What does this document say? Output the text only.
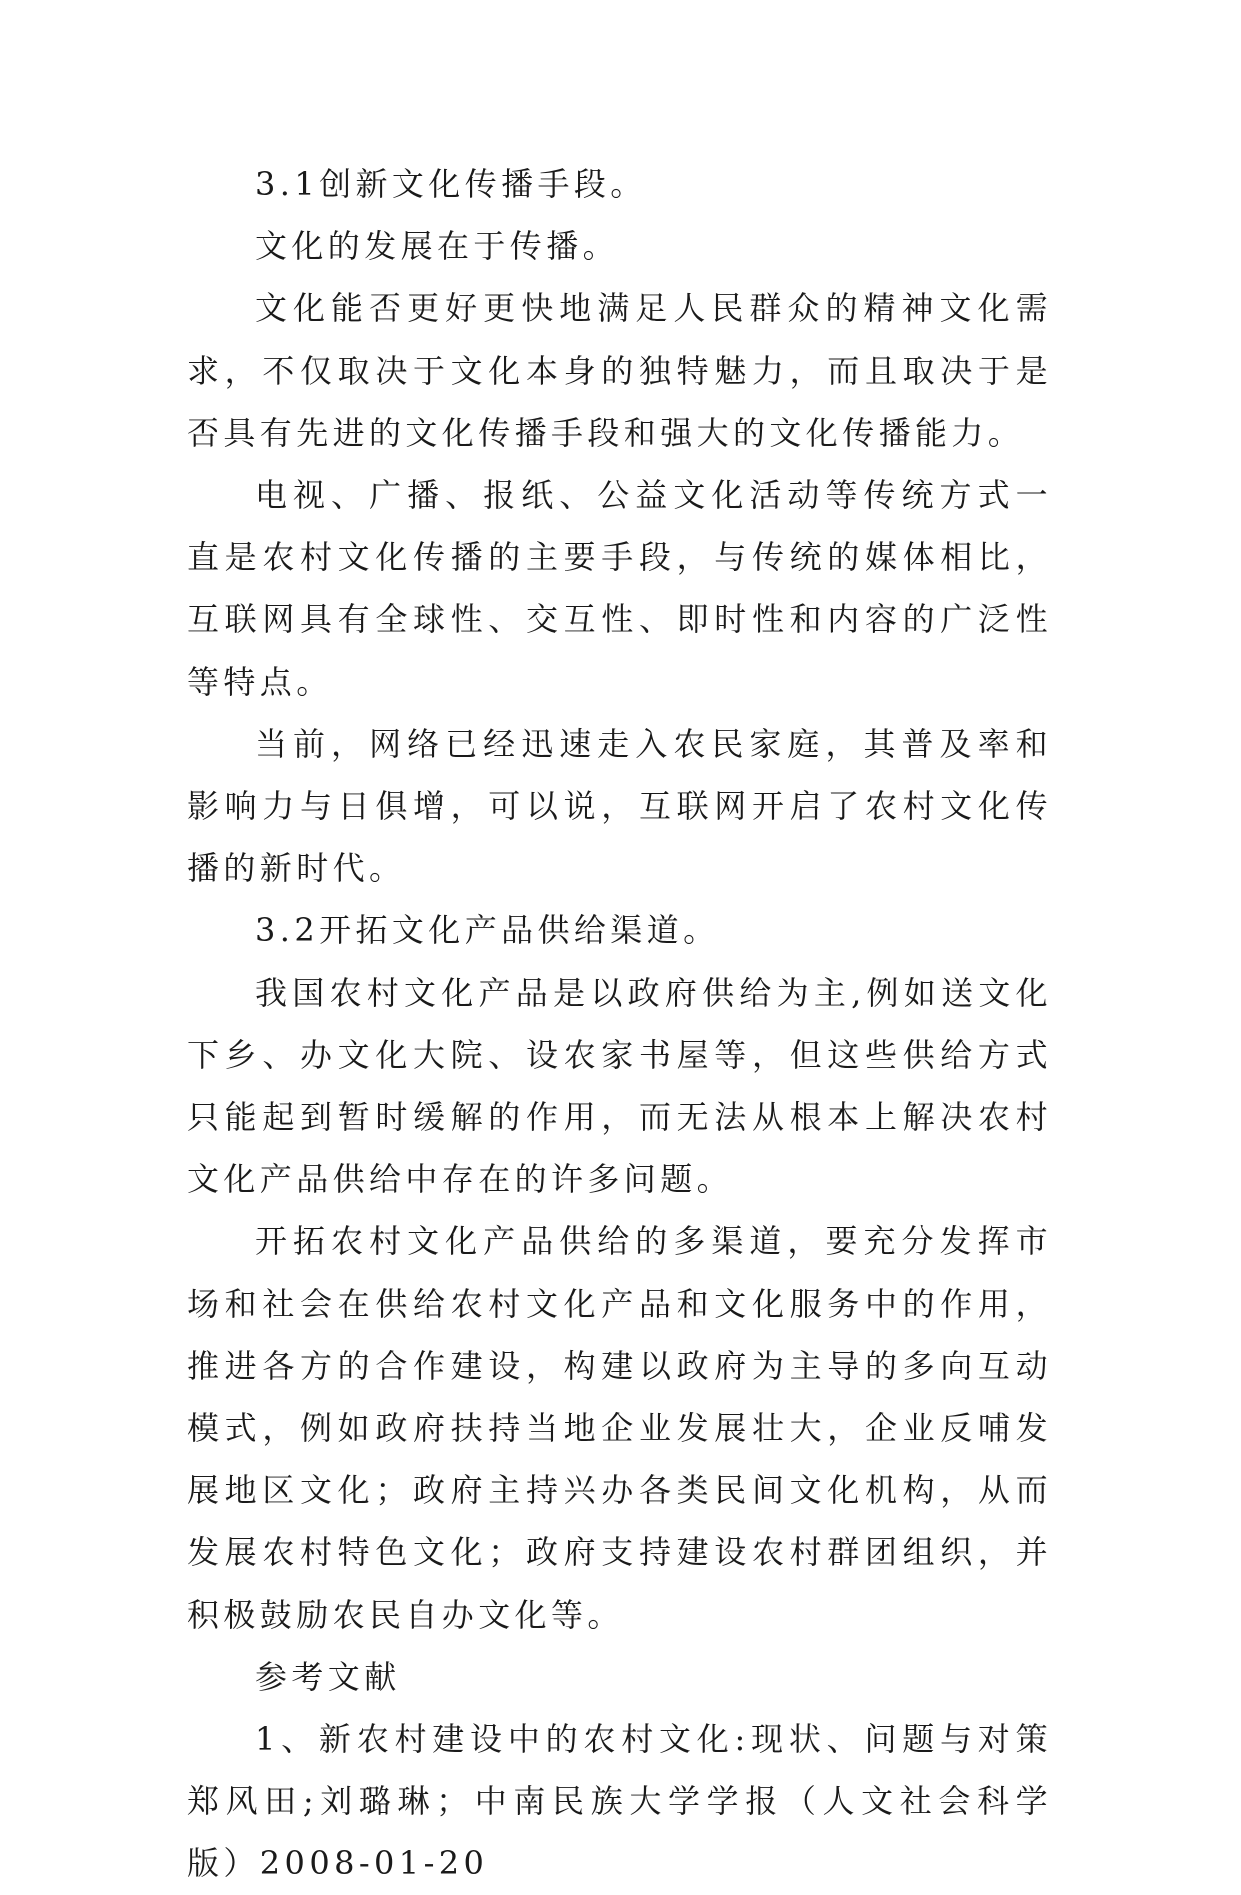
3.1创新文化传播手段。

文化的发展在于传播。

文化能否更好更快地满足人民群众的精神文化需求，不仅取决于文化本身的独特魅力，而且取决于是否具有先进的文化传播手段和强大的文化传播能力。

电视、广播、报纸、公益文化活动等传统方式一直是农村文化传播的主要手段，与传统的媒体相比，互联网具有全球性、交互性、即时性和内容的广泛性等特点。

当前，网络已经迅速走入农民家庭，其普及率和影响力与日俱增，可以说，互联网开启了农村文化传播的新时代。

3.2开拓文化产品供给渠道。

我国农村文化产品是以政府供给为主,例如送文化下乡、办文化大院、设农家书屋等，但这些供给方式只能起到暂时缓解的作用，而无法从根本上解决农村文化产品供给中存在的许多问题。

开拓农村文化产品供给的多渠道，要充分发挥市场和社会在供给农村文化产品和文化服务中的作用，推进各方的合作建设，构建以政府为主导的多向互动模式，例如政府扶持当地企业发展壮大，企业反哺发展地区文化；政府主持兴办各类民间文化机构，从而发展农村特色文化；政府支持建设农村群团组织，并积极鼓励农民自办文化等。

参考文献

1、新农村建设中的农村文化:现状、问题与对策郑风田;刘璐琳；中南民族大学学报（人文社会科学版）2008-01-20
